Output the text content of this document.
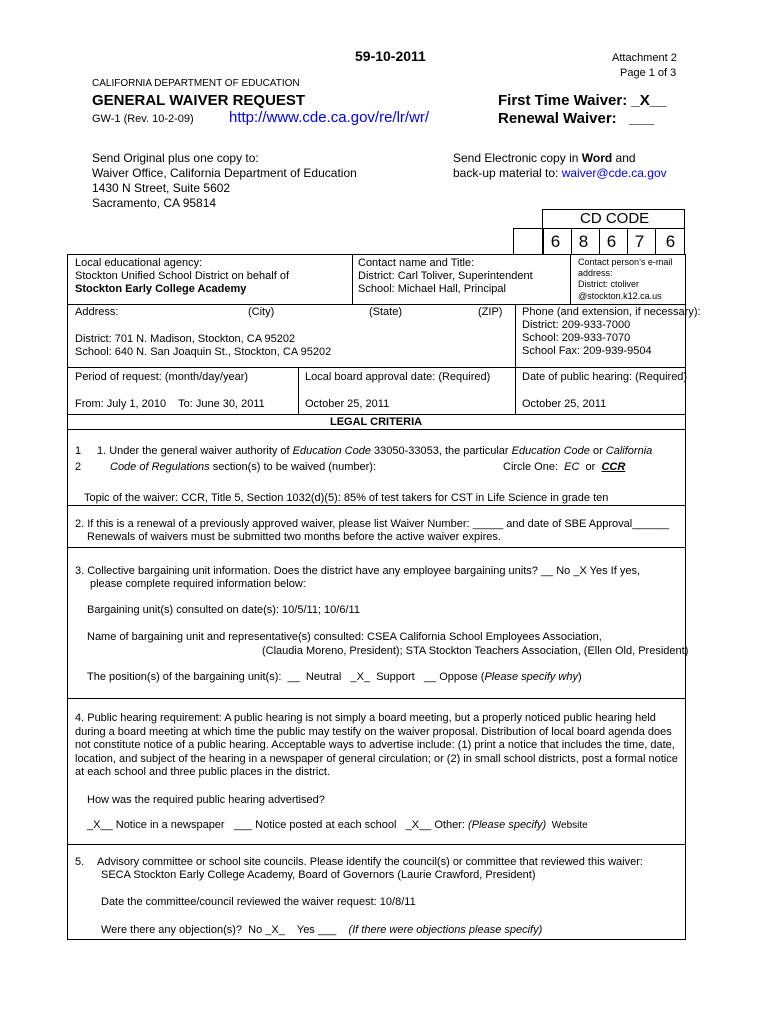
59-10-2011	Attachment 2
Page 1 of 3
CALIFORNIA DEPARTMENT OF EDUCATION
GENERAL WAIVER REQUEST
GW-1 (Rev. 10-2-09) http://www.cde.ca.gov/re/lr/wr/
First Time Waiver: _X__
Renewal Waiver:   ___
Send Original plus one copy to:
Waiver Office, California Department of Education
1430 N Street, Suite 5602
Sacramento, CA 95814
Send Electronic copy in Word and
back-up material to: waiver@cde.ca.gov
CD CODE
6	8	6	7	6
Local educational agency:
Stockton Unified School District on behalf of
Stockton Early College Academy
Contact name and Title:
District: Carl Toliver, Superintendent
School: Michael Hall, Principal
Contact person’s e-mail
address:
District: ctoliver
@stockton.k12.ca.us
Address:	(City)	(State)	(ZIP)
District: 701 N. Madison, Stockton, CA 95202
School: 640 N. San Joaquin St., Stockton, CA 95202
Phone (and extension, if necessary):
District: 209-933-7000
School: 209-933-7070
School Fax: 209-939-9504
Period of request: (month/day/year)
From: July 1, 2010 To: June 30, 2011
Local board approval date: (Required)
October 25, 2011
Date of public hearing: (Required)
October 25, 2011
LEGAL CRITERIA
1
2
1. Under the general waiver authority of Education Code 33050-33053, the particular Education Code or California
Code of Regulations section(s) to be waived (number):	Circle One:  EC  or  CCR
Topic of the waiver: CCR, Title 5, Section 1032(d)(5): 85% of test takers for CST in Life Science in grade ten
2. If this is a renewal of a previously approved waiver, please list Waiver Number: _____ and date of SBE Approval______
Renewals of waivers must be submitted two months before the active waiver expires.
3. Collective bargaining unit information. Does the district have any employee bargaining units? __ No _X Yes If yes,
please complete required information below:
Bargaining unit(s) consulted on date(s): 10/5/11; 10/6/11
Name of bargaining unit and representative(s) consulted: CSEA California School Employees Association,
(Claudia Moreno, President); STA Stockton Teachers Association, (Ellen Old, President)
The position(s) of the bargaining unit(s):  __  Neutral   _X_  Support   __ Oppose (Please specify why)
4. Public hearing requirement: A public hearing is not simply a board meeting, but a properly noticed public hearing held during a board meeting at which time the public may testify on the waiver proposal. Distribution of local board agenda does not constitute notice of a public hearing. Acceptable ways to advertise include: (1) print a notice that includes the time, date, location, and subject of the hearing in a newspaper of general circulation; or (2) in small school districts, post a formal notice at each school and three public places in the district.
How was the required public hearing advertised?
_X__ Notice in a newspaper   ___ Notice posted at each school   _X__ Other: (Please specify)  Website
5. Advisory committee or school site councils. Please identify the council(s) or committee that reviewed this waiver:
SECA Stockton Early College Academy, Board of Governors (Laurie Crawford, President)
Date the committee/council reviewed the waiver request: 10/8/11
Were there any objection(s)?  No _X_    Yes ___    (If there were objections please specify)
